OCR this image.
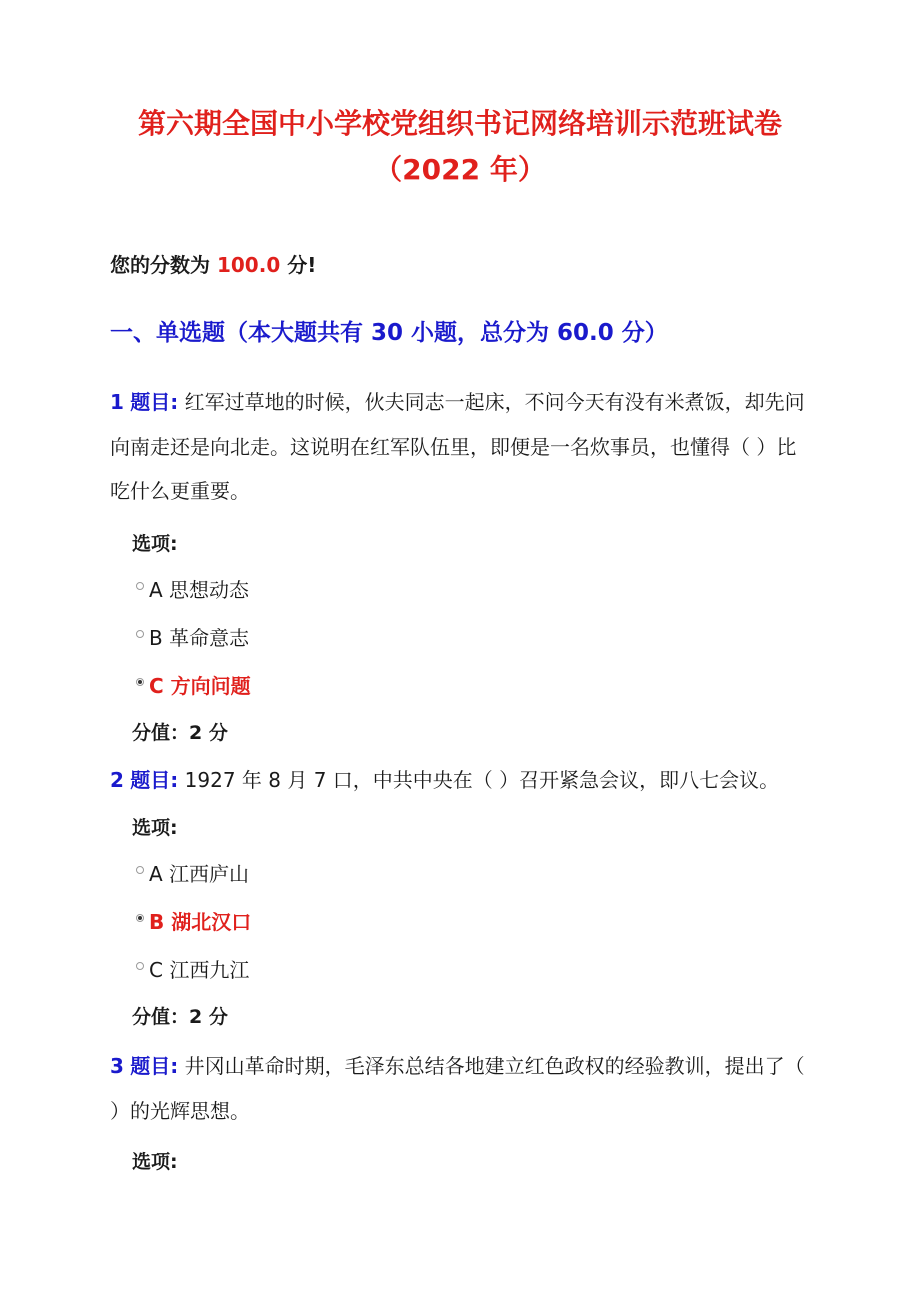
第六期全国中小学校党组织书记网络培训示范班试卷
（2022 年）
您的分数为 100.0 分!
一、单选题（本大题共有 30 小题，总分为 60.0 分）
1 题目: 红军过草地的时候，伙夫同志一起床，不问今天有没有米煮饭，却先问向南走还是向北走。这说明在红军队伍里，即便是一名炊事员，也懂得（ ）比吃什么更重要。
选项:
A 思想动态
B 革命意志
C 方向问题
分值：2 分
2 题目: 1927 年 8 月 7 口，中共中央在（ ）召开紧急会议，即八七会议。
选项:
A 江西庐山
B 湖北汉口
C 江西九江
分值：2 分
3 题目: 井冈山革命时期，毛泽东总结各地建立红色政权的经验教训，提出了（ ）的光辉思想。
选项:
